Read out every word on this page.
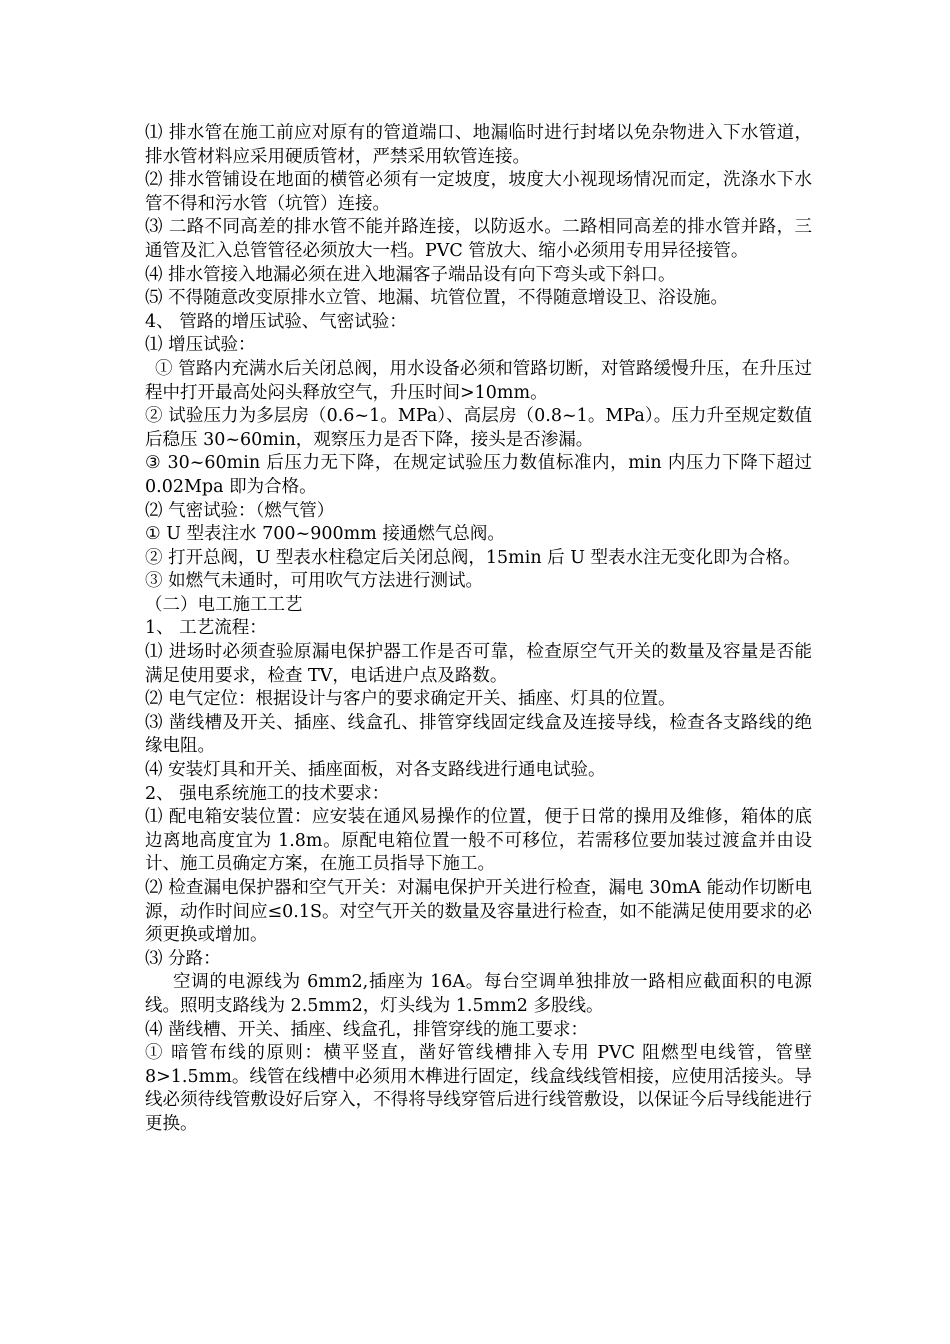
⑴ 排水管在施工前应对原有的管道端口、地漏临时进行封堵以免杂物进入下水管道，排水管材料应采用硬质管材，严禁采用软管连接。

⑵ 排水管铺设在地面的横管必须有一定坡度，坡度大小视现场情况而定，洗涤水下水管不得和污水管（坑管）连接。

⑶ 二路不同高差的排水管不能并路连接，以防返水。二路相同高差的排水管并路，三通管及汇入总管管径必须放大一档。PVC 管放大、缩小必须用专用异径接管。

⑷ 排水管接入地漏必须在进入地漏客子端品设有向下弯头或下斜口。

⑸ 不得随意改变原排水立管、地漏、坑管位置，不得随意增设卫、浴设施。

4、 管路的增压试验、气密试验：

⑴ 增压试验：

① 管路内充满水后关闭总阀，用水设备必须和管路切断，对管路缓慢升压，在升压过程中打开最高处闷头释放空气，升压时间>10mm。

② 试验压力为多层房（0.6~1。MPa）、高层房（0.8~1。MPa）。压力升至规定数值后稳压 30~60min，观察压力是否下降，接头是否渗漏。

③ 30~60min 后压力无下降，在规定试验压力数值标准内，min 内压力下降下超过 0.02Mpa 即为合格。

⑵ 气密试验：（燃气管）

① U 型表注水 700~900mm 接通燃气总阀。

② 打开总阀，U 型表水柱稳定后关闭总阀，15min 后 U 型表水注无变化即为合格。

③ 如燃气未通时，可用吹气方法进行测试。

（二）电工施工工艺

1、 工艺流程：

⑴ 进场时必须查验原漏电保护器工作是否可靠，检查原空气开关的数量及容量是否能满足使用要求，检查 TV，电话进户点及路数。

⑵ 电气定位：根据设计与客户的要求确定开关、插座、灯具的位置。

⑶ 凿线槽及开关、插座、线盒孔、排管穿线固定线盒及连接导线，检查各支路线的绝缘电阻。

⑷ 安装灯具和开关、插座面板，对各支路线进行通电试验。

2、 强电系统施工的技术要求：

⑴ 配电箱安装位置：应安装在通风易操作的位置，便于日常的操用及维修，箱体的底边离地高度宜为 1.8m。原配电箱位置一般不可移位，若需移位要加装过渡盒并由设计、施工员确定方案，在施工员指导下施工。

⑵ 检查漏电保护器和空气开关：对漏电保护开关进行检查，漏电 30mA 能动作切断电源，动作时间应≤0.1S。对空气开关的数量及容量进行检查，如不能满足使用要求的必须更换或增加。

⑶ 分路：

空调的电源线为 6mm2,插座为 16A。每台空调单独排放一路相应截面积的电源线。照明支路线为 2.5mm2，灯头线为 1.5mm2 多股线。

⑷ 凿线槽、开关、插座、线盒孔，排管穿线的施工要求：

① 暗管布线的原则：横平竖直，凿好管线槽排入专用 PVC 阻燃型电线管，管壁8>1.5mm。线管在线槽中必须用木榫进行固定，线盒线线管相接，应使用活接头。导线必须待线管敷设好后穿入，不得将导线穿管后进行线管敷设，以保证今后导线能进行更换。
